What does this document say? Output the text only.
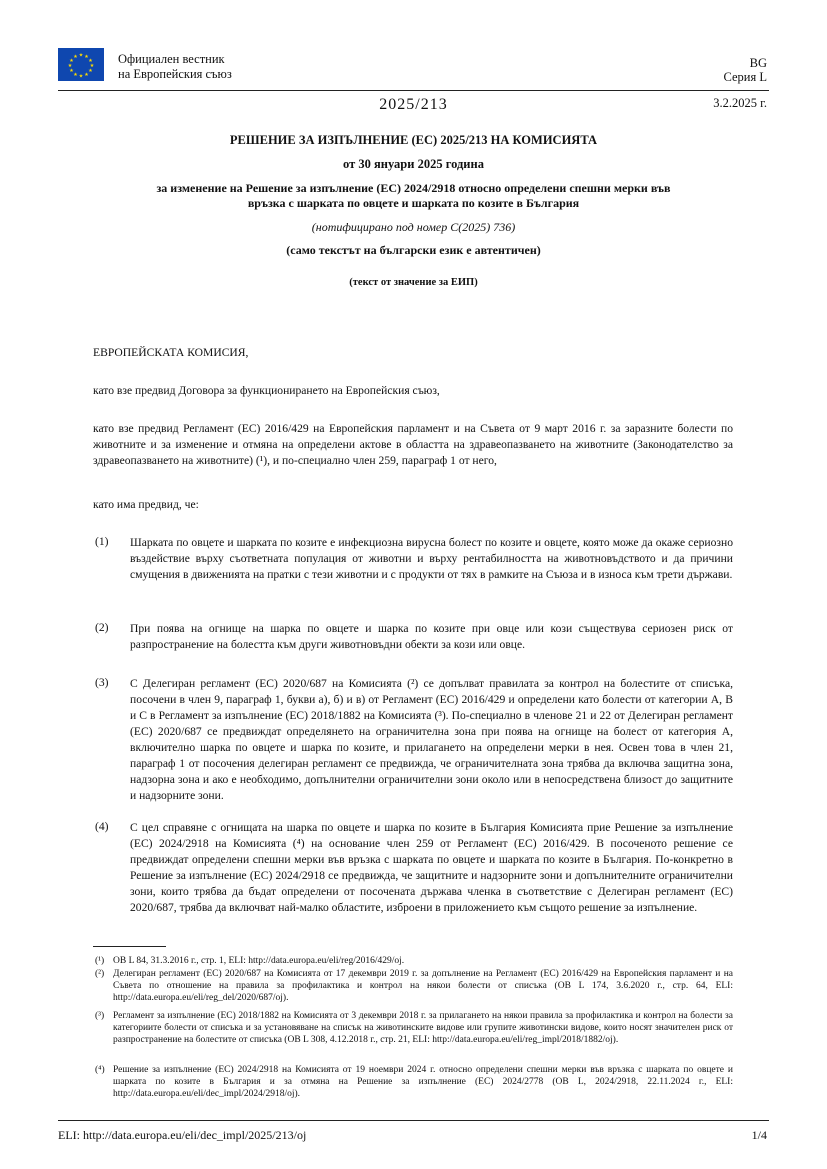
★ ★
★
★
★
★
★
★
★
★
★
★	Официален вестник
на Европейския съюз
BG
Серия L
2025/213	3.2.2025 г.
РЕШЕНИЕ ЗА ИЗПЪЛНЕНИЕ (ЕС) 2025/213 НА КОМИСИЯТА
от 30 януари 2025 година
за изменение на Решение за изпълнение (ЕС) 2024/2918 относно определени спешни мерки във
връзка с шарката по овцете и шарката по козите в България
(нотифицирано под номер C(2025) 736)
(само текстът на български език е автентичен)
(текст от значение за ЕИП)
ЕВРОПЕЙСКАТА КОМИСИЯ,
като взе предвид Договора за функционирането на Европейския съюз,
като взе предвид Регламент (ЕС) 2016/429 на Европейския парламент и на Съвета от 9 март 2016 г. за заразните болести по животните и за изменение и отмяна на определени актове в областта на здравеопазването на животните (Законодателство за здравеопазването на животните) (¹), и по-специално член 259, параграф 1 от него,
като има предвид, че:
(1) Шарката по овцете и шарката по козите е инфекциозна вирусна болест по козите и овцете, която може да окаже сериозно въздействие върху съответната популация от животни и върху рентабилността на животновъдството и да причини смущения в движенията на пратки с тези животни и с продукти от тях в рамките на Съюза и в износа към трети държави.
(2) При поява на огнище на шарка по овцете и шарка по козите при овце или кози съществува сериозен риск от разпространение на болестта към други животновъдни обекти за кози или овце.
(3) С Делегиран регламент (ЕС) 2020/687 на Комисията (²) се допълват правилата за контрол на болестите от списъка, посочени в член 9, параграф 1, букви а), б) и в) от Регламент (ЕС) 2016/429 и определени като болести от категории А, В и С в Регламент за изпълнение (ЕС) 2018/1882 на Комисията (³). По-специално в членове 21 и 22 от Делегиран регламент (ЕС) 2020/687 се предвиждат определянето на ограничителна зона при поява на огнище на болест от категория А, включително шарка по овцете и шарка по козите, и прилагането на определени мерки в нея. Освен това в член 21, параграф 1 от посочения делегиран регламент се предвижда, че ограничителната зона трябва да включва защитна зона, надзорна зона и ако е необходимо, допълнителни ограничителни зони около или в непосредствена близост до защитните и надзорните зони.
(4) С цел справяне с огнищата на шарка по овцете и шарка по козите в България Комисията прие Решение за изпълнение (ЕС) 2024/2918 на Комисията (⁴) на основание член 259 от Регламент (ЕС) 2016/429. В посоченото решение се предвиждат определени спешни мерки във връзка с шарката по овцете и шарката по козите в България. По-конкретно в Решение за изпълнение (ЕС) 2024/2918 се предвижда, че защитните и надзорните зони и допълнителните ограничителни зони, които трябва да бъдат определени от посочената държава членка в съответствие с Делегиран регламент (ЕС) 2020/687, трябва да включват най-малко областите, изброени в приложението към същото решение за изпълнение.
(¹) ОВ L 84, 31.3.2016 г., стр. 1, ELI: http://data.europa.eu/eli/reg/2016/429/oj.
(²) Делегиран регламент (ЕС) 2020/687 на Комисията от 17 декември 2019 г. за допълнение на Регламент (ЕС) 2016/429 на Европейския парламент и на Съвета по отношение на правила за профилактика и контрол на някои болести от списъка (ОВ L 174, 3.6.2020 г., стр. 64, ELI: http://data.europa.eu/eli/reg_del/2020/687/oj).
(³) Регламент за изпълнение (ЕС) 2018/1882 на Комисията от 3 декември 2018 г. за прилагането на някои правила за профилактика и контрол на болести за категориите болести от списъка и за установяване на списък на животинските видове или групите животински видове, които носят значителен риск от разпространение на болестите от списъка (ОВ L 308, 4.12.2018 г., стр. 21, ELI: http://data.europa.eu/eli/reg_impl/2018/1882/oj).
(⁴) Решение за изпълнение (ЕС) 2024/2918 на Комисията от 19 ноември 2024 г. относно определени спешни мерки във връзка с шарката по овцете и шарката по козите в България и за отмяна на Решение за изпълнение (ЕС) 2024/2778 (ОВ L, 2024/2918, 22.11.2024 г., ELI: http://data.europa.eu/eli/dec_impl/2024/2918/oj).
ELI: http://data.europa.eu/eli/dec_impl/2025/213/oj	1/4
